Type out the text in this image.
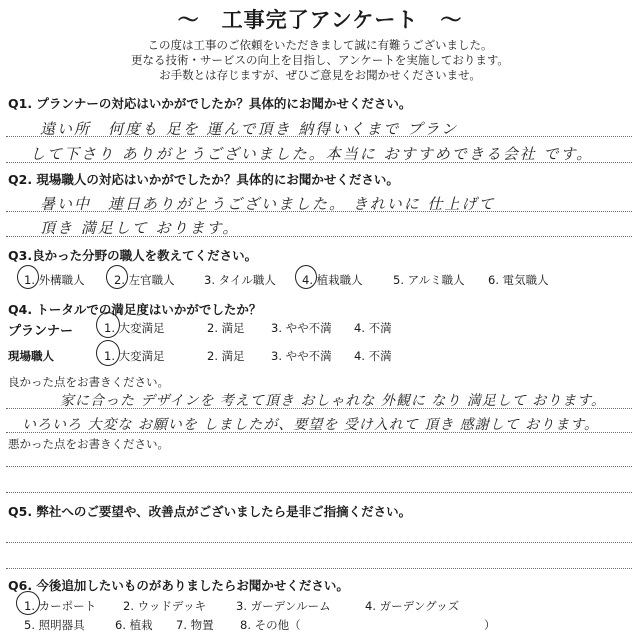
～　工事完了アンケート　～
この度は工事のご依頼をいただきまして誠に有難うございました。
更なる技術・サービスの向上を目指し、アンケートを実施しております。
お手数とは存じますが、ぜひご意見をお聞かせくださいませ。
Q1. プランナーの対応はいかがでしたか？具体的にお聞かせください。
遠い所　何度も 足を 運んで頂き 納得いくまで プラン
して下さり ありがとうございました。本当に おすすめできる会社 です。
Q2. 現場職人の対応はいかがでしたか？具体的にお聞かせください。
暑い中　連日ありがとうございました。 きれいに 仕上げて
頂き 満足して おります。
Q3.良かった分野の職人を教えてください。
1. 外構職人	2. 左官職人	3. タイル職人 4. 植栽職人	5. アルミ職人 6. 電気職人
Q4. トータルでの満足度はいかがでしたか？
プランナー	1. 大変満足	2. 満足 3. やや不満 4. 不満
現場職人	1. 大変満足	2. 満足 3. やや不満 4. 不満
良かった点をお書きください。
家に合った デザインを 考えて頂き おしゃれな 外観に なり 満足して おります。
いろいろ 大変な お願いを しましたが、要望を 受け入れて 頂き 感謝して おります。
悪かった点をお書きください。
Q5. 弊社へのご要望や、改善点がございましたら是非ご指摘ください。
Q6. 今後追加したいものがありましたらお聞かせください。
1. カーポート 2. ウッドデッキ	3. ガーデンルーム	4. ガーデングッズ
5. 照明器具	6. 植栽 7. 物置 8. その他（	）
